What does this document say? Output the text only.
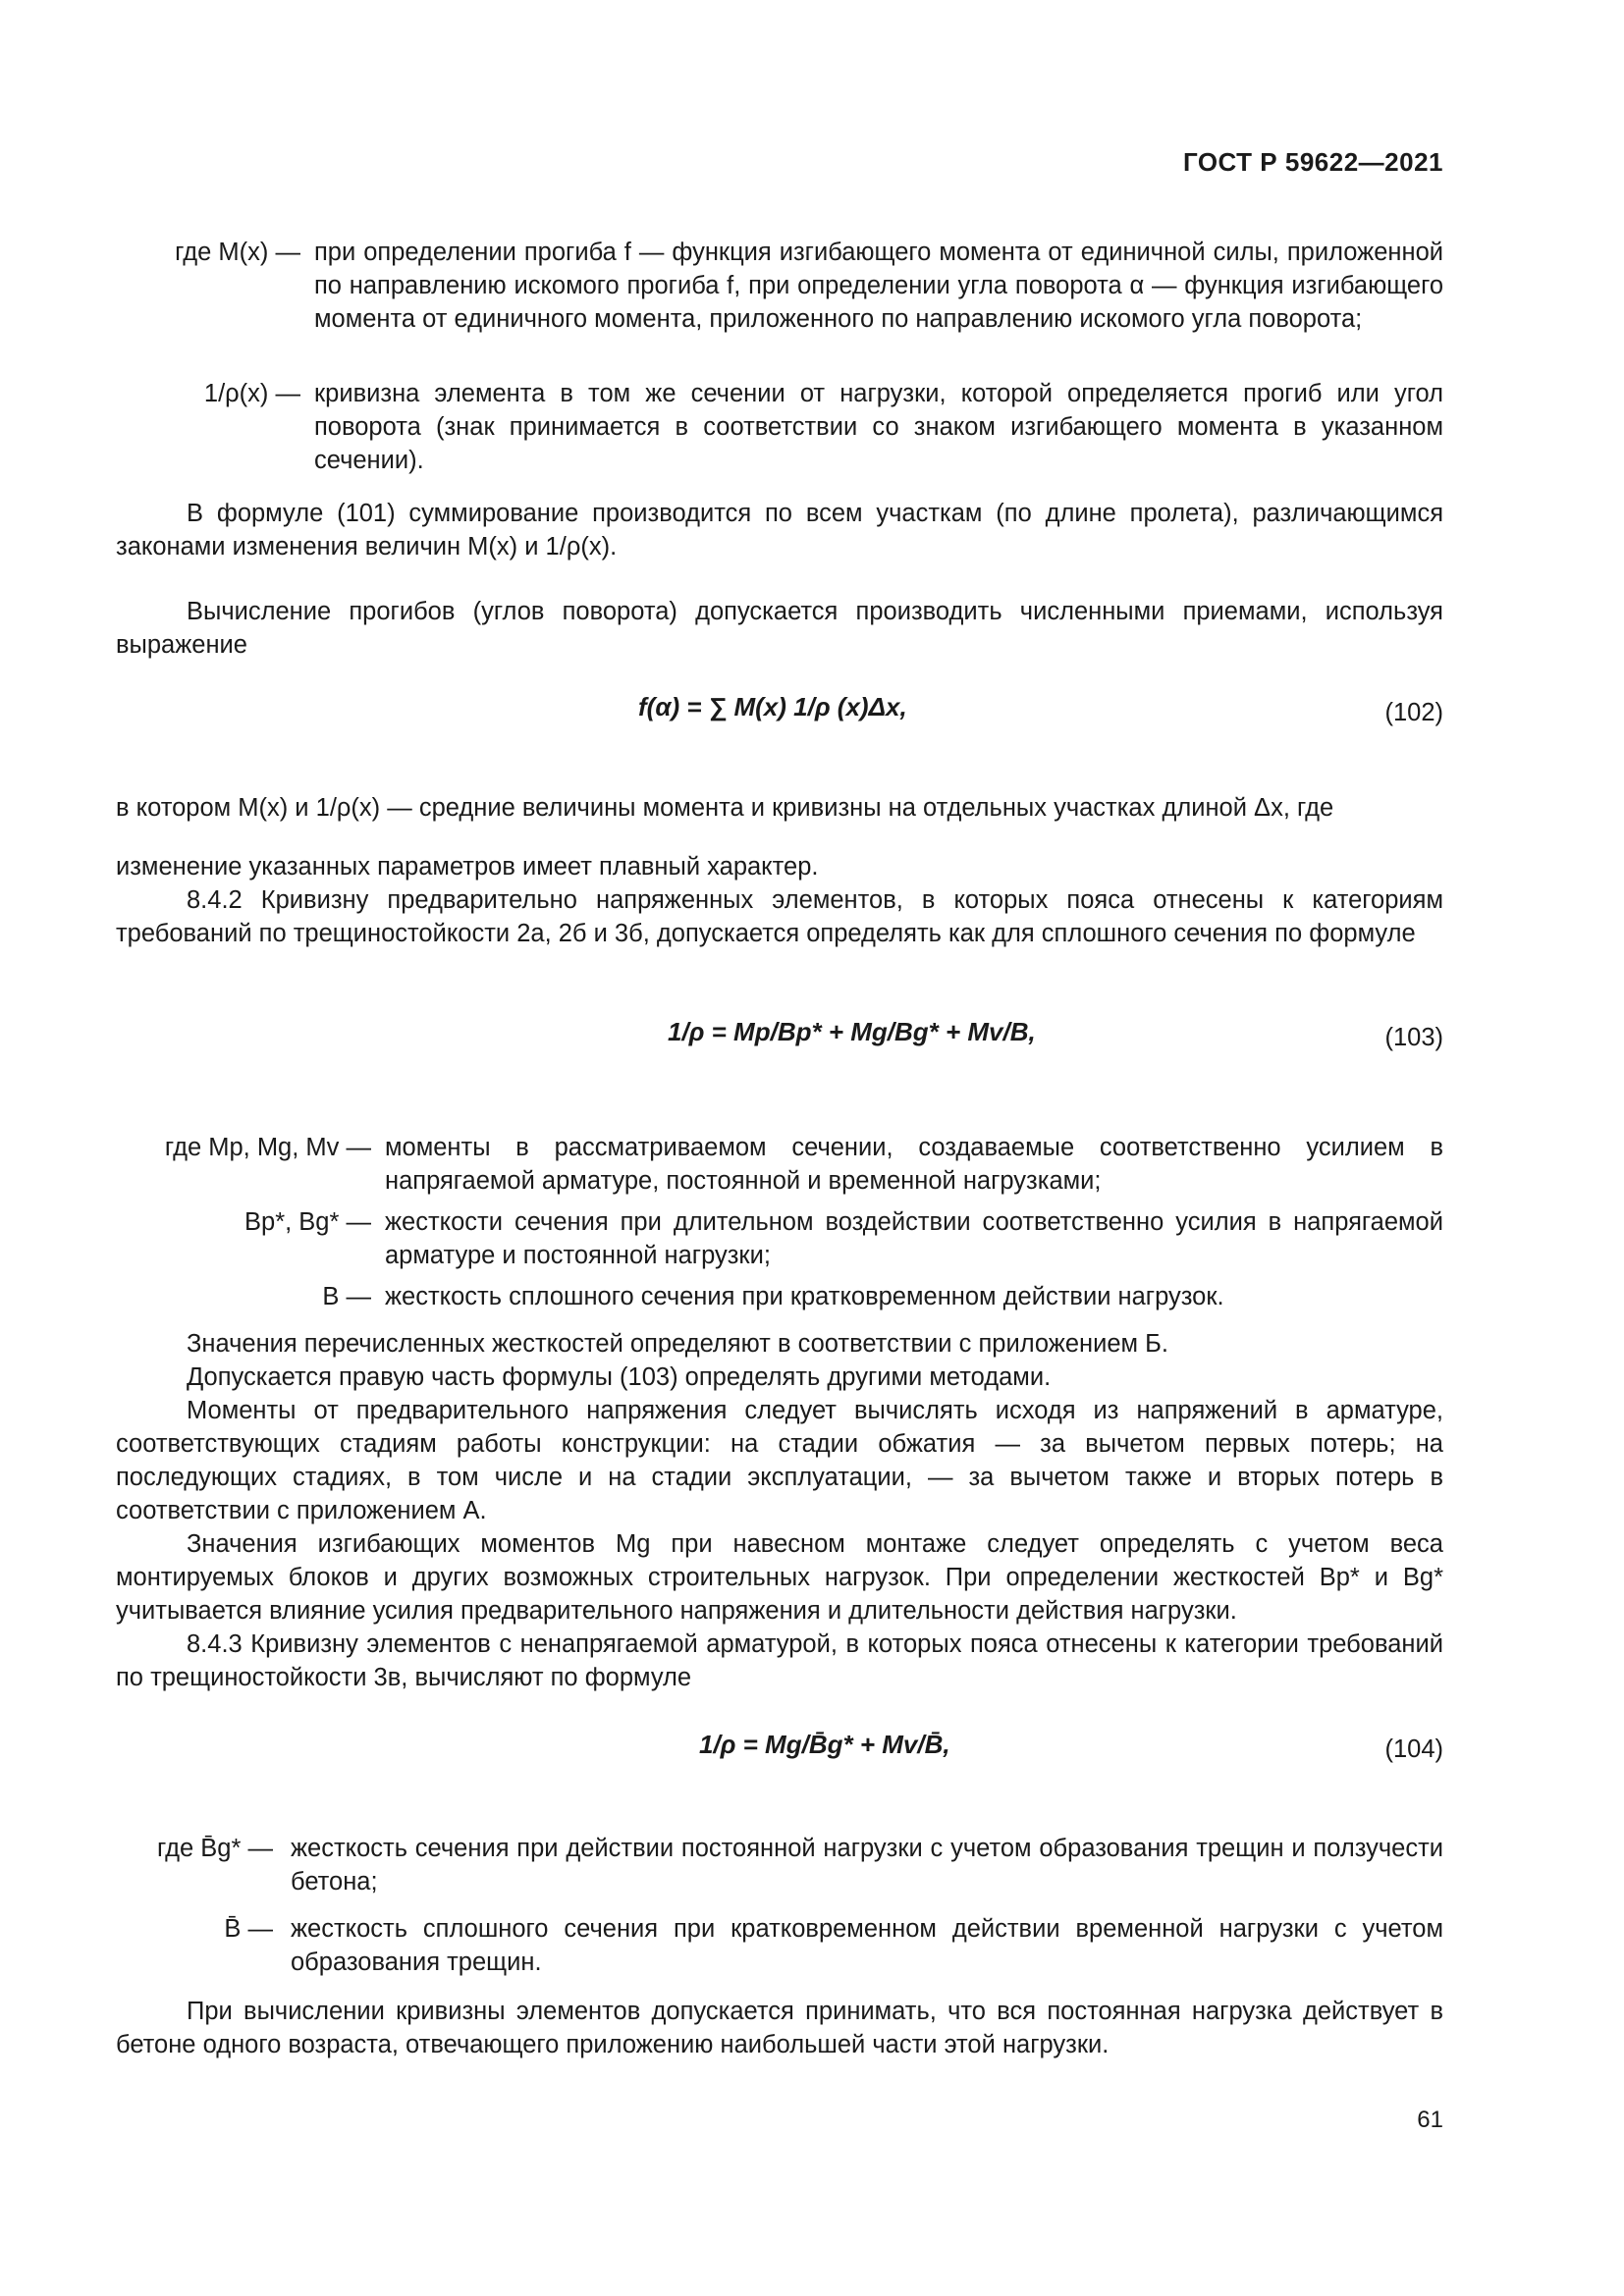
ГОСТ Р 59622—2021
где M(x) — при определении прогиба f — функция изгибающего момента от единичной силы, приложенной по направлению искомого прогиба f, при определении угла поворота α — функция изгибающего момента от единичного момента, приложенного по направлению искомого угла поворота;
1/ρ(x) — кривизна элемента в том же сечении от нагрузки, которой определяется прогиб или угол поворота (знак принимается в соответствии со знаком изгибающего момента в указанном сечении).
В формуле (101) суммирование производится по всем участкам (по длине пролета), различающимся законами изменения величин M(x) и 1/ρ(x).
Вычисление прогибов (углов поворота) допускается производить численными приемами, используя выражение
f(α) = ∑ M(x) 1/ρ (x)Δx,	(102)
в котором M(x) и 1/ρ(x) — средние величины момента и кривизны на отдельных участках длиной Δx, где
изменение указанных параметров имеет плавный характер.
8.4.2 Кривизну предварительно напряженных элементов, в которых пояса отнесены к категориям требований по трещиностойкости 2а, 2б и 3б, допускается определять как для сплошного сечения по формуле
1/ρ = Mp/Bp* + Mg/Bg* + Mv/B,	(103)
где Mp, Mg, Mv — моменты в рассматриваемом сечении, создаваемые соответственно усилием в напрягаемой арматуре, постоянной и временной нагрузками;
Bp*, Bg* — жесткости сечения при длительном воздействии соответственно усилия в напрягаемой арматуре и постоянной нагрузки;
B — жесткость сплошного сечения при кратковременном действии нагрузок.
Значения перечисленных жесткостей определяют в соответствии с приложением Б.
Допускается правую часть формулы (103) определять другими методами.
Моменты от предварительного напряжения следует вычислять исходя из напряжений в арматуре, соответствующих стадиям работы конструкции: на стадии обжатия — за вычетом первых потерь; на последующих стадиях, в том числе и на стадии эксплуатации, — за вычетом также и вторых потерь в соответствии с приложением А.
Значения изгибающих моментов Mg при навесном монтаже следует определять с учетом веса монтируемых блоков и других возможных строительных нагрузок. При определении жесткостей Bp* и Bg* учитывается влияние усилия предварительного напряжения и длительности действия нагрузки.
8.4.3 Кривизну элементов с ненапрягаемой арматурой, в которых пояса отнесены к категории требований по трещиностойкости 3в, вычисляют по формуле
1/ρ = Mg/B̄g* + Mv/B̄,	(104)
где B̄g* — жесткость сечения при действии постоянной нагрузки с учетом образования трещин и ползучести бетона;
B̄ — жесткость сплошного сечения при кратковременном действии временной нагрузки с учетом образования трещин.
При вычислении кривизны элементов допускается принимать, что вся постоянная нагрузка действует в бетоне одного возраста, отвечающего приложению наибольшей части этой нагрузки.
61
